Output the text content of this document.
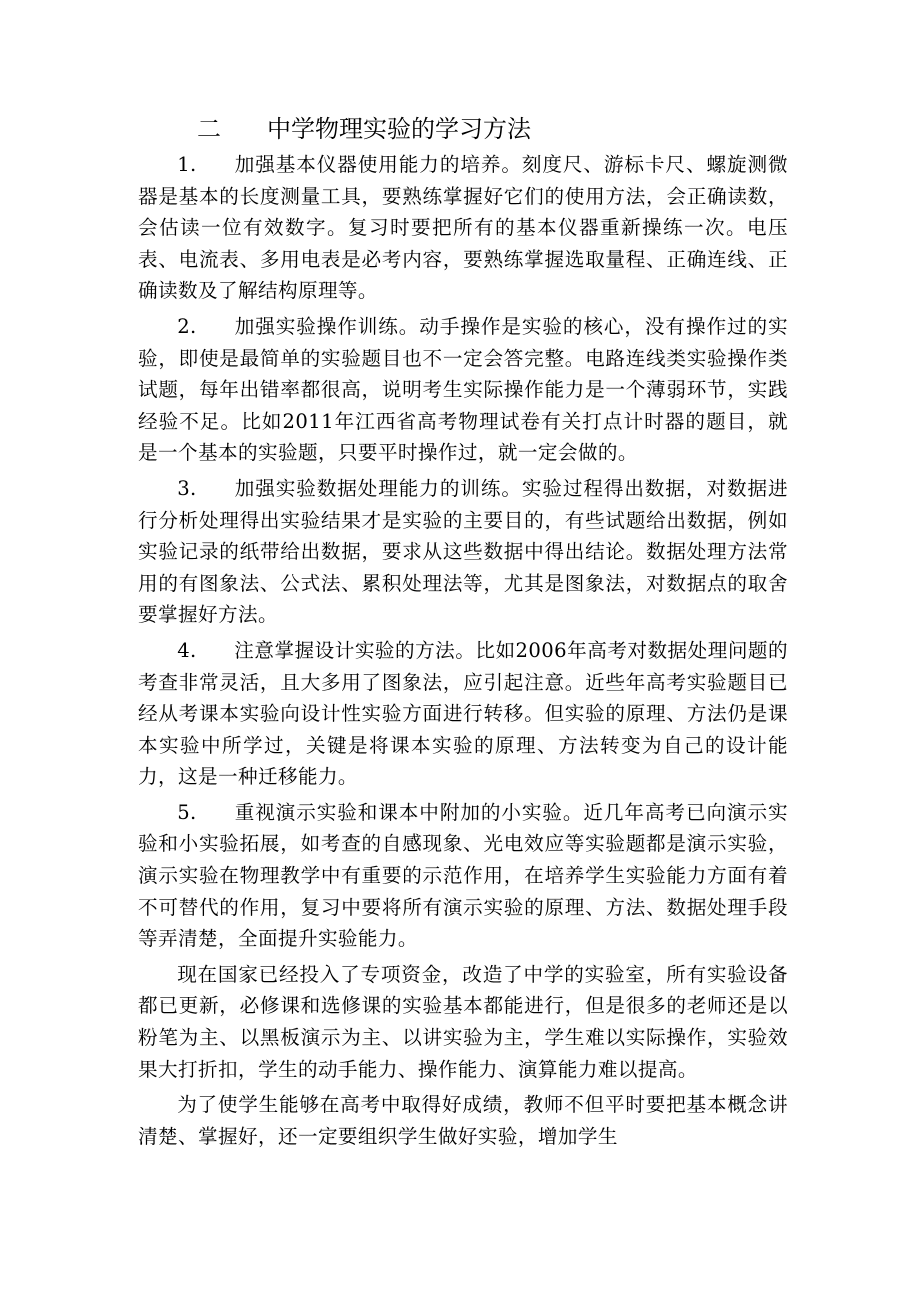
二 中学物理实验的学习方法

1. 加强基本仪器使用能力的培养。刻度尺、游标卡尺、螺旋测微器是基本的长度测量工具，要熟练掌握好它们的使用方法，会正确读数，会估读一位有效数字。复习时要把所有的基本仪器重新操练一次。电压表、电流表、多用电表是必考内容，要熟练掌握选取量程、正确连线、正确读数及了解结构原理等。

2. 加强实验操作训练。动手操作是实验的核心，没有操作过的实验，即使是最简单的实验题目也不一定会答完整。电路连线类实验操作类试题，每年出错率都很高，说明考生实际操作能力是一个薄弱环节，实践经验不足。比如2011年江西省高考物理试卷有关打点计时器的题目，就是一个基本的实验题，只要平时操作过，就一定会做的。

3. 加强实验数据处理能力的训练。实验过程得出数据，对数据进行分析处理得出实验结果才是实验的主要目的，有些试题给出数据，例如实验记录的纸带给出数据，要求从这些数据中得出结论。数据处理方法常用的有图象法、公式法、累积处理法等，尤其是图象法，对数据点的取舍要掌握好方法。

4. 注意掌握设计实验的方法。比如2006年高考对数据处理问题的考查非常灵活，且大多用了图象法，应引起注意。近些年高考实验题目已经从考课本实验向设计性实验方面进行转移。但实验的原理、方法仍是课本实验中所学过，关键是将课本实验的原理、方法转变为自己的设计能力，这是一种迁移能力。

5. 重视演示实验和课本中附加的小实验。近几年高考已向演示实验和小实验拓展，如考查的自感现象、光电效应等实验题都是演示实验，演示实验在物理教学中有重要的示范作用，在培养学生实验能力方面有着不可替代的作用，复习中要将所有演示实验的原理、方法、数据处理手段等弄清楚，全面提升实验能力。

现在国家已经投入了专项资金，改造了中学的实验室，所有实验设备都已更新，必修课和选修课的实验基本都能进行，但是很多的老师还是以粉笔为主、以黑板演示为主、以讲实验为主，学生难以实际操作，实验效果大打折扣，学生的动手能力、操作能力、演算能力难以提高。

为了使学生能够在高考中取得好成绩，教师不但平时要把基本概念讲清楚、掌握好，还一定要组织学生做好实验，增加学生
